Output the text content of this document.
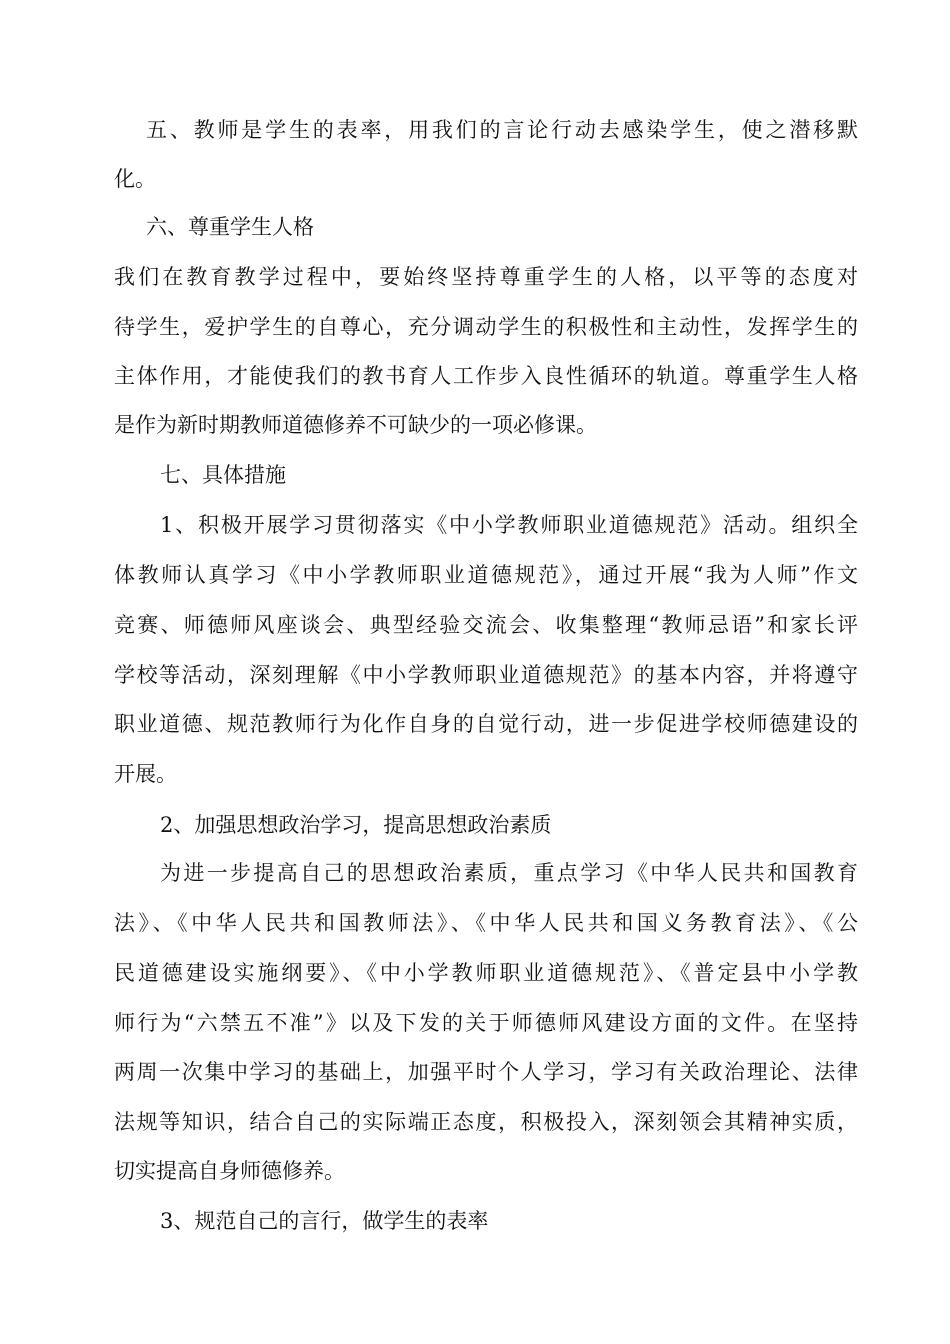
五、教师是学生的表率，用我们的言论行动去感染学生，使之潜移默
化。
六、尊重学生人格
我们在教育教学过程中，要始终坚持尊重学生的人格，以平等的态度对
待学生，爱护学生的自尊心，充分调动学生的积极性和主动性，发挥学生的
主体作用，才能使我们的教书育人工作步入良性循环的轨道。尊重学生人格
是作为新时期教师道德修养不可缺少的一项必修课。
七、具体措施
1、积极开展学习贯彻落实《中小学教师职业道德规范》活动。组织全
体教师认真学习《中小学教师职业道德规范》，通过开展“我为人师”作文
竞赛、师德师风座谈会、典型经验交流会、收集整理“教师忌语”和家长评
学校等活动，深刻理解《中小学教师职业道德规范》的基本内容，并将遵守
职业道德、规范教师行为化作自身的自觉行动，进一步促进学校师德建设的
开展。
2、加强思想政治学习，提高思想政治素质
为进一步提高自己的思想政治素质，重点学习《中华人民共和国教育
法》、《中华人民共和国教师法》、《中华人民共和国义务教育法》、《公
民道德建设实施纲要》、《中小学教师职业道德规范》、《普定县中小学教
师行为“六禁五不准”》以及下发的关于师德师风建设方面的文件。在坚持
两周一次集中学习的基础上，加强平时个人学习，学习有关政治理论、法律
法规等知识，结合自己的实际端正态度，积极投入，深刻领会其精神实质，
切实提高自身师德修养。
3、规范自己的言行，做学生的表率
